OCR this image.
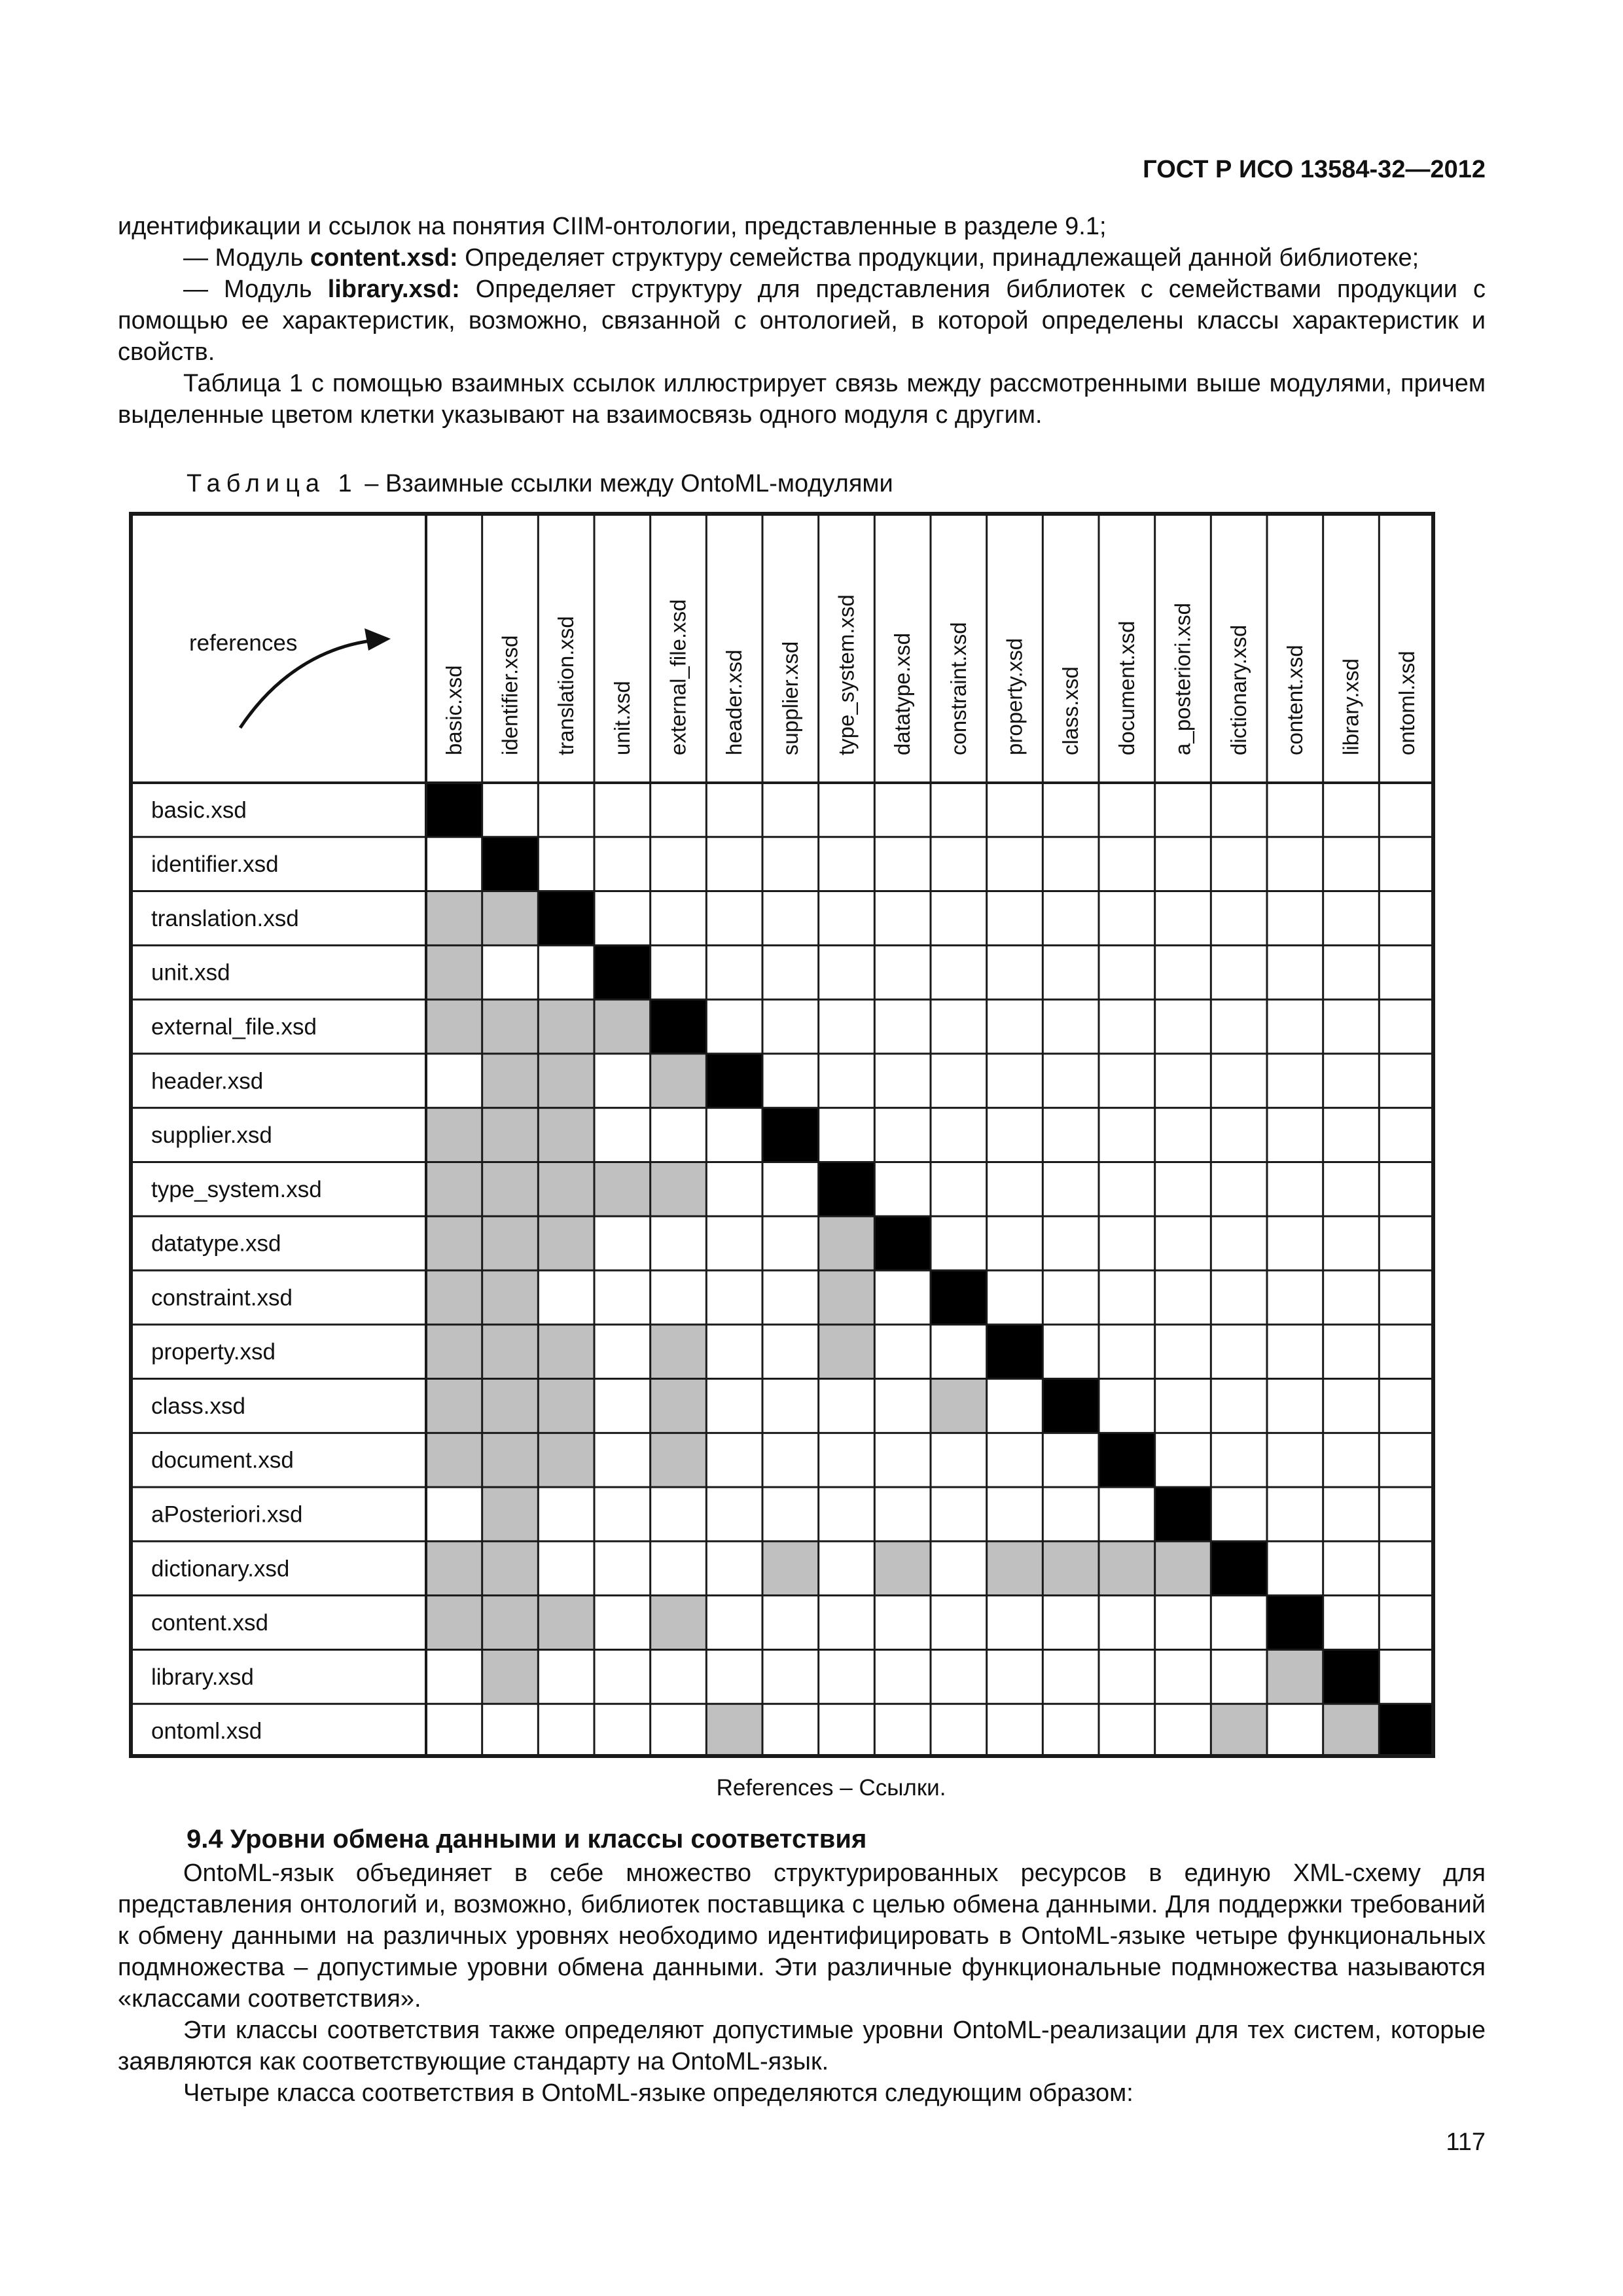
ГОСТ Р ИСО 13584-32—2012

идентификации и ссылок на понятия CIIM-онтологии, представленные в разделе 9.1;

— Модуль content.xsd: Определяет структуру семейства продукции, принадлежащей данной библиотеке;

— Модуль library.xsd: Определяет структуру для представления библиотек с семействами продукции с помощью ее характеристик, возможно, связанной с онтологией, в которой определены классы характеристик и свойств.

Таблица 1 с помощью взаимных ссылок иллюстрирует связь между рассмотренными выше модулями, причем выделенные цветом клетки указывают на взаимосвязь одного модуля с другим.

Таблица 1 – Взаимные ссылки между OntoML-модулями
basic.xsd identifier.xsd translation.xsd unit.xsd external_file.xsd header.xsd supplier.xsd type_system.xsd datatype.xsd constraint.xsd property.xsd class.xsd document.xsd a_posteriori.xsd dictionary.xsd content.xsd library.xsd ontoml.xsd
basic.xsd
identifier.xsd
translation.xsd
unit.xsd
external_file.xsd
header.xsd
supplier.xsd
type_system.xsd
datatype.xsd
constraint.xsd
property.xsd
class.xsd
document.xsd
aPosteriori.xsd
dictionary.xsd
content.xsd
library.xsd
ontoml.xsd
references
References – Ссылки.
9.4 Уровни обмена данными и классы соответствия

OntoML-язык объединяет в себе множество структурированных ресурсов в единую XML-схему для представления онтологий и, возможно, библиотек поставщика с целью обмена данными. Для поддержки требований к обмену данными на различных уровнях необходимо идентифицировать в OntoML-языке четыре функциональных подмножества – допустимые уровни обмена данными. Эти различные функциональные подмножества называются «классами соответствия».

Эти классы соответствия также определяют допустимые уровни OntoML-реализации для тех систем, которые заявляются как соответствующие стандарту на OntoML-язык.

Четыре класса соответствия в OntoML-языке определяются следующим образом:

117
